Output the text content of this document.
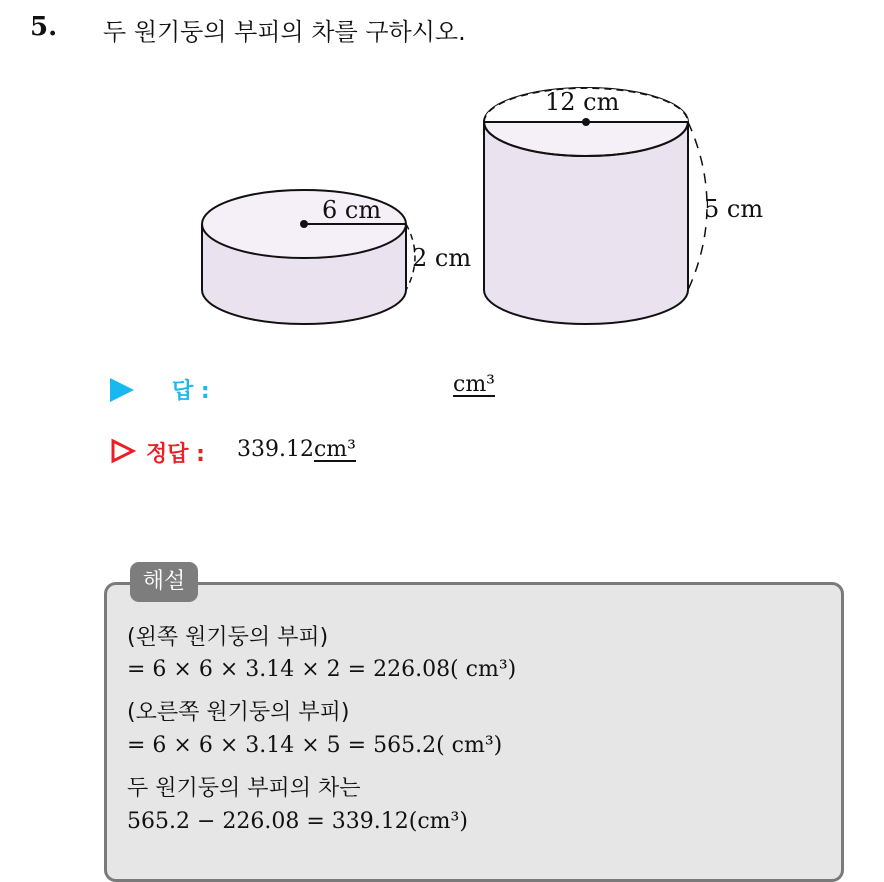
5. 두 원기둥의 부피의 차를 구하시오.
6 cm
2 cm
12 cm
5 cm
답 :	cm³
정답 : 339.12cm³
해설
(왼쪽 원기둥의 부피)
= 6 × 6 × 3.14 × 2 = 226.08( cm³)
(오른쪽 원기둥의 부피)
= 6 × 6 × 3.14 × 5 = 565.2( cm³)
두 원기둥의 부피의 차는
565.2 − 226.08 = 339.12(cm³)
